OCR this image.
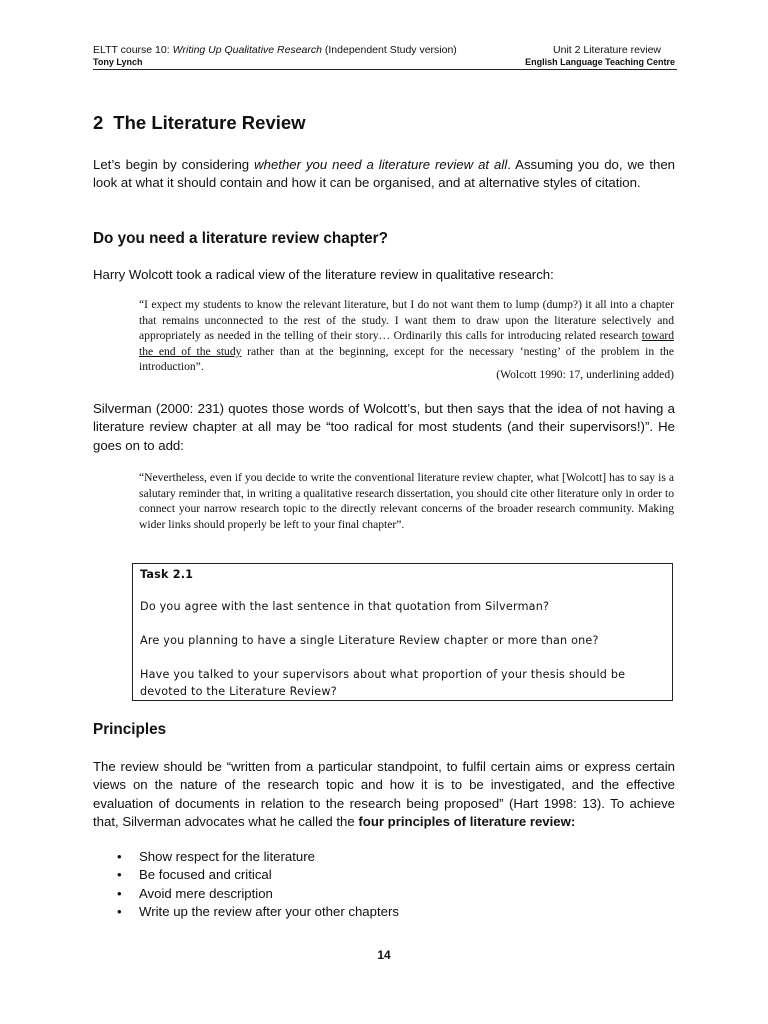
ELTT course 10: Writing Up Qualitative Research (Independent Study version)	Unit 2 Literature review
Tony Lynch	English Language Teaching Centre
2 The Literature Review

Let’s begin by considering whether you need a literature review at all. Assuming you do, we then look at what it should contain and how it can be organised, and at alternative styles of citation.

Do you need a literature review chapter?

Harry Wolcott took a radical view of the literature review in qualitative research:

“I expect my students to know the relevant literature, but I do not want them to lump (dump?) it all into a chapter that remains unconnected to the rest of the study. I want them to draw upon the literature selectively and appropriately as needed in the telling of their story… Ordinarily this calls for introducing related research toward the end of the study rather than at the beginning, except for the necessary ‘nesting’ of the problem in the introduction”.

(Wolcott 1990: 17, underlining added)

Silverman (2000: 231) quotes those words of Wolcott’s, but then says that the idea of not having a literature review chapter at all may be “too radical for most students (and their supervisors!)”. He goes on to add:

“Nevertheless, even if you decide to write the conventional literature review chapter, what [Wolcott] has to say is a salutary reminder that, in writing a qualitative research dissertation, you should cite other literature only in order to connect your narrow research topic to the directly relevant concerns of the broader research community. Making wider links should properly be left to your final chapter”.

Task 2.1

Do you agree with the last sentence in that quotation from Silverman?

Are you planning to have a single Literature Review chapter or more than one?

Have you talked to your supervisors about what proportion of your thesis should be devoted to the Literature Review?

Principles

The review should be “written from a particular standpoint, to fulfil certain aims or express certain views on the nature of the research topic and how it is to be investigated, and the effective evaluation of documents in relation to the research being proposed” (Hart 1998: 13). To achieve that, Silverman advocates what he called the four principles of literature review:

• Show respect for the literature
• Be focused and critical
• Avoid mere description
• Write up the review after your other chapters
14
